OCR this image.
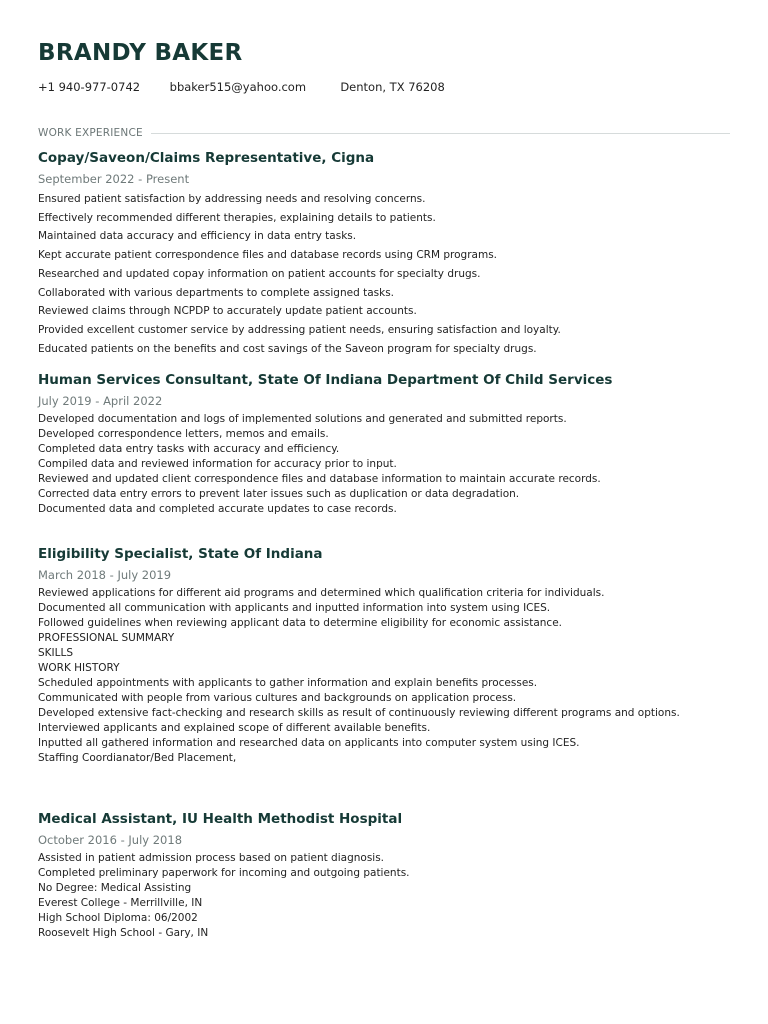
BRANDY BAKER
+1 940-977-0742	bbaker515@yahoo.com	Denton, TX 76208
WORK EXPERIENCE
Copay/Saveon/Claims Representative, Cigna
September 2022 - Present
Ensured patient satisfaction by addressing needs and resolving concerns.
Effectively recommended different therapies, explaining details to patients.
Maintained data accuracy and efficiency in data entry tasks.
Kept accurate patient correspondence files and database records using CRM programs.
Researched and updated copay information on patient accounts for specialty drugs.
Collaborated with various departments to complete assigned tasks.
Reviewed claims through NCPDP to accurately update patient accounts.
Provided excellent customer service by addressing patient needs, ensuring satisfaction and loyalty.
Educated patients on the benefits and cost savings of the Saveon program for specialty drugs.
Human Services Consultant, State Of Indiana Department Of Child Services
July 2019 - April 2022
Developed documentation and logs of implemented solutions and generated and submitted reports.
Developed correspondence letters, memos and emails.
Completed data entry tasks with accuracy and efficiency.
Compiled data and reviewed information for accuracy prior to input.
Reviewed and updated client correspondence files and database information to maintain accurate records.
Corrected data entry errors to prevent later issues such as duplication or data degradation.
Documented data and completed accurate updates to case records.
Eligibility Specialist, State Of Indiana
March 2018 - July 2019
Reviewed applications for different aid programs and determined which qualification criteria for individuals.
Documented all communication with applicants and inputted information into system using ICES.
Followed guidelines when reviewing applicant data to determine eligibility for economic assistance.
PROFESSIONAL SUMMARY
SKILLS
WORK HISTORY
Scheduled appointments with applicants to gather information and explain benefits processes.
Communicated with people from various cultures and backgrounds on application process.
Developed extensive fact-checking and research skills as result of continuously reviewing different programs and options.
Interviewed applicants and explained scope of different available benefits.
Inputted all gathered information and researched data on applicants into computer system using ICES.
Staffing Coordianator/Bed Placement,
Medical Assistant, IU Health Methodist Hospital
October 2016 - July 2018
Assisted in patient admission process based on patient diagnosis.
Completed preliminary paperwork for incoming and outgoing patients.
No Degree: Medical Assisting
Everest College - Merrillville, IN
High School Diploma: 06/2002
Roosevelt High School - Gary, IN
